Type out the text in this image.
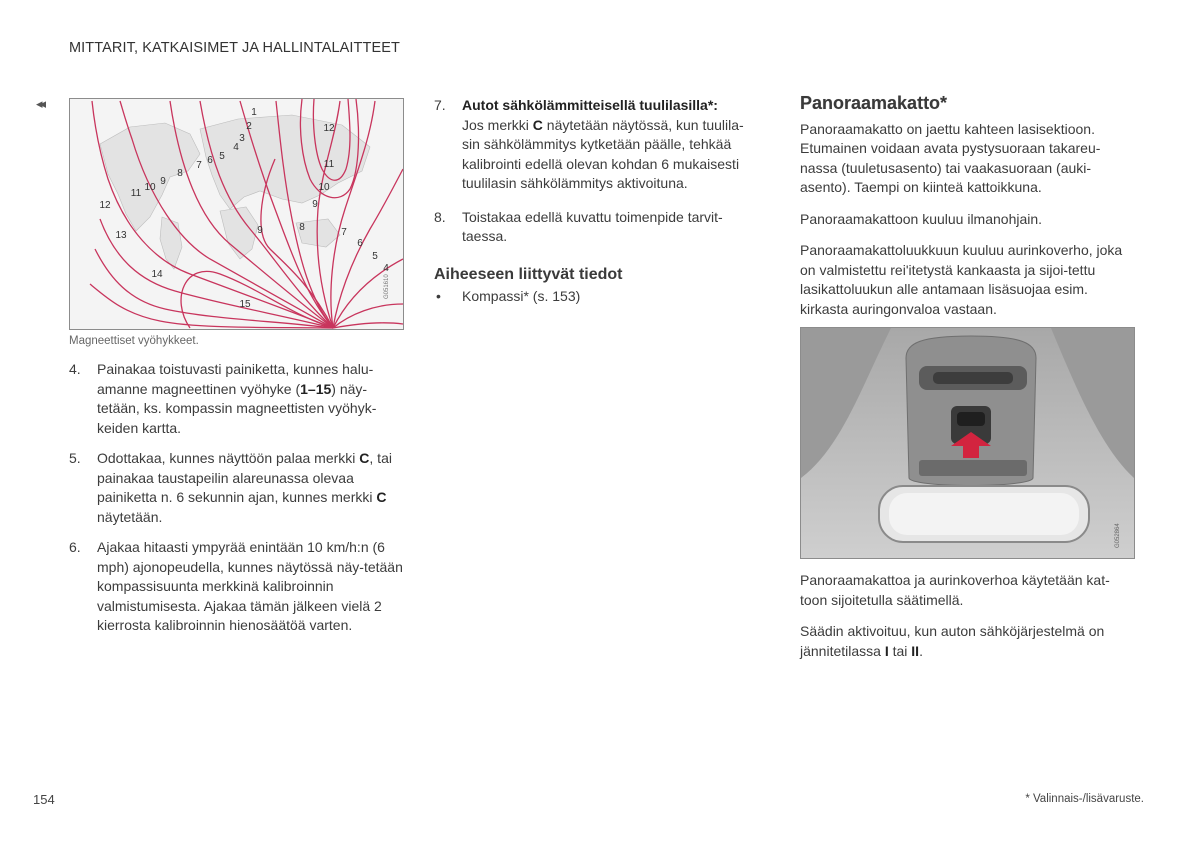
MITTARIT, KATKAISIMET JA HALLINTALAITTEET
◂◂
1
2
3
4
5
6
7
8
9
10
11
12
12
11
10
9
9	8	7
6
5
4
13
14
15
G051610
Magneettiset vyöhykkeet.
4. Painakaa toistuvasti painiketta, kunnes halu-amanne magneettinen vyöhyke (1–15) näy-tetään, ks. kompassin magneettisten vyöhyk-keiden kartta.
5. Odottakaa, kunnes näyttöön palaa merkki C, tai painakaa taustapeilin alareunassa olevaa painiketta n. 6 sekunnin ajan, kunnes merkki C näytetään.
6. Ajakaa hitaasti ympyrää enintään 10 km/h:n (6 mph) ajonopeudella, kunnes näytössä näy-tetään kompassisuunta merkkinä kalibroinnin valmistumisesta. Ajakaa tämän jälkeen vielä 2 kierrosta kalibroinnin hienosäätöä varten.
7. Autot sähkölämmitteisellä tuulilasilla*:
Jos merkki C näytetään näytössä, kun tuulila-sin sähkölämmitys kytketään päälle, tehkää kalibrointi edellä olevan kohdan 6 mukaisesti tuulilasin sähkölämmitys aktivoituna.
8. Toistakaa edellä kuvattu toimenpide tarvit-taessa.
Aiheeseen liittyvät tiedot
• Kompassi* (s. 153)
Panoraamakatto*

Panoraamakatto on jaettu kahteen lasisektioon. Etumainen voidaan avata pystysuoraan takareu-nassa (tuuletusasento) tai vaakasuoraan (auki-asento). Taempi on kiinteä kattoikkuna.

Panoraamakattoon kuuluu ilmanohjain.

Panoraamakattoluukkuun kuuluu aurinkoverho, joka on valmistettu rei'itetystä kankaasta ja sijoi-tettu lasikattoluukun alle antamaan lisäsuojaa esim. kirkasta auringonvaloa vastaan.

G052864

Panoraamakattoa ja aurinkoverhoa käytetään kat-toon sijoitetulla säätimellä.

Säädin aktivoituu, kun auton sähköjärjestelmä on jännitetilassa I tai II.

154	* Valinnais-/lisävaruste.
